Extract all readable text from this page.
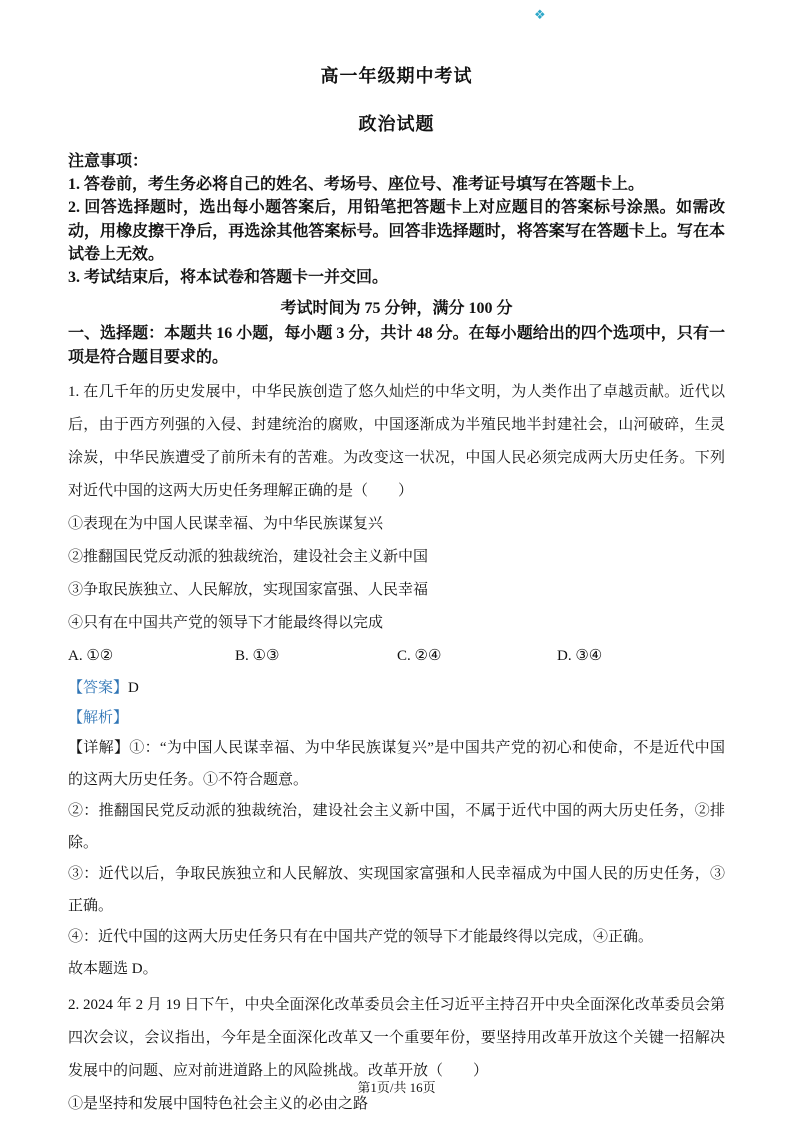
❖
高一年级期中考试
政治试题

注意事项：

1. 答卷前，考生务必将自己的姓名、考场号、座位号、准考证号填写在答题卡上。

2. 回答选择题时，选出每小题答案后，用铅笔把答题卡上对应题目的答案标号涂黑。如需改动，用橡皮擦干净后，再选涂其他答案标号。回答非选择题时，将答案写在答题卡上。写在本试卷上无效。

3. 考试结束后，将本试卷和答题卡一并交回。

考试时间为 75 分钟，满分 100 分

一、选择题：本题共 16 小题，每小题 3 分，共计 48 分。在每小题给出的四个选项中，只有一项是符合题目要求的。

1. 在几千年的历史发展中，中华民族创造了悠久灿烂的中华文明，为人类作出了卓越贡献。近代以后，由于西方列强的入侵、封建统治的腐败，中国逐渐成为半殖民地半封建社会，山河破碎，生灵涂炭，中华民族遭受了前所未有的苦难。为改变这一状况，中国人民必须完成两大历史任务。下列对近代中国的这两大历史任务理解正确的是（　　）

①表现在为中国人民谋幸福、为中华民族谋复兴
②推翻国民党反动派的独裁统治，建设社会主义新中国
③争取民族独立、人民解放，实现国家富强、人民幸福
④只有在中国共产党的领导下才能最终得以完成
A. ①②	B. ①③	C. ②④	D. ③④

【答案】D

【解析】

【详解】①：“为中国人民谋幸福、为中华民族谋复兴”是中国共产党的初心和使命，不是近代中国的这两大历史任务。①不符合题意。

②：推翻国民党反动派的独裁统治，建设社会主义新中国，不属于近代中国的两大历史任务，②排除。

③：近代以后，争取民族独立和人民解放、实现国家富强和人民幸福成为中国人民的历史任务，③正确。

④：近代中国的这两大历史任务只有在中国共产党的领导下才能最终得以完成，④正确。

故本题选 D。

2. 2024 年 2 月 19 日下午，中央全面深化改革委员会主任习近平主持召开中央全面深化改革委员会第四次会议，会议指出，今年是全面深化改革又一个重要年份，要坚持用改革开放这个关键一招解决发展中的问题、应对前进道路上的风险挑战。改革开放（　　）

①是坚持和发展中国特色社会主义的必由之路
第1页/共 16页
